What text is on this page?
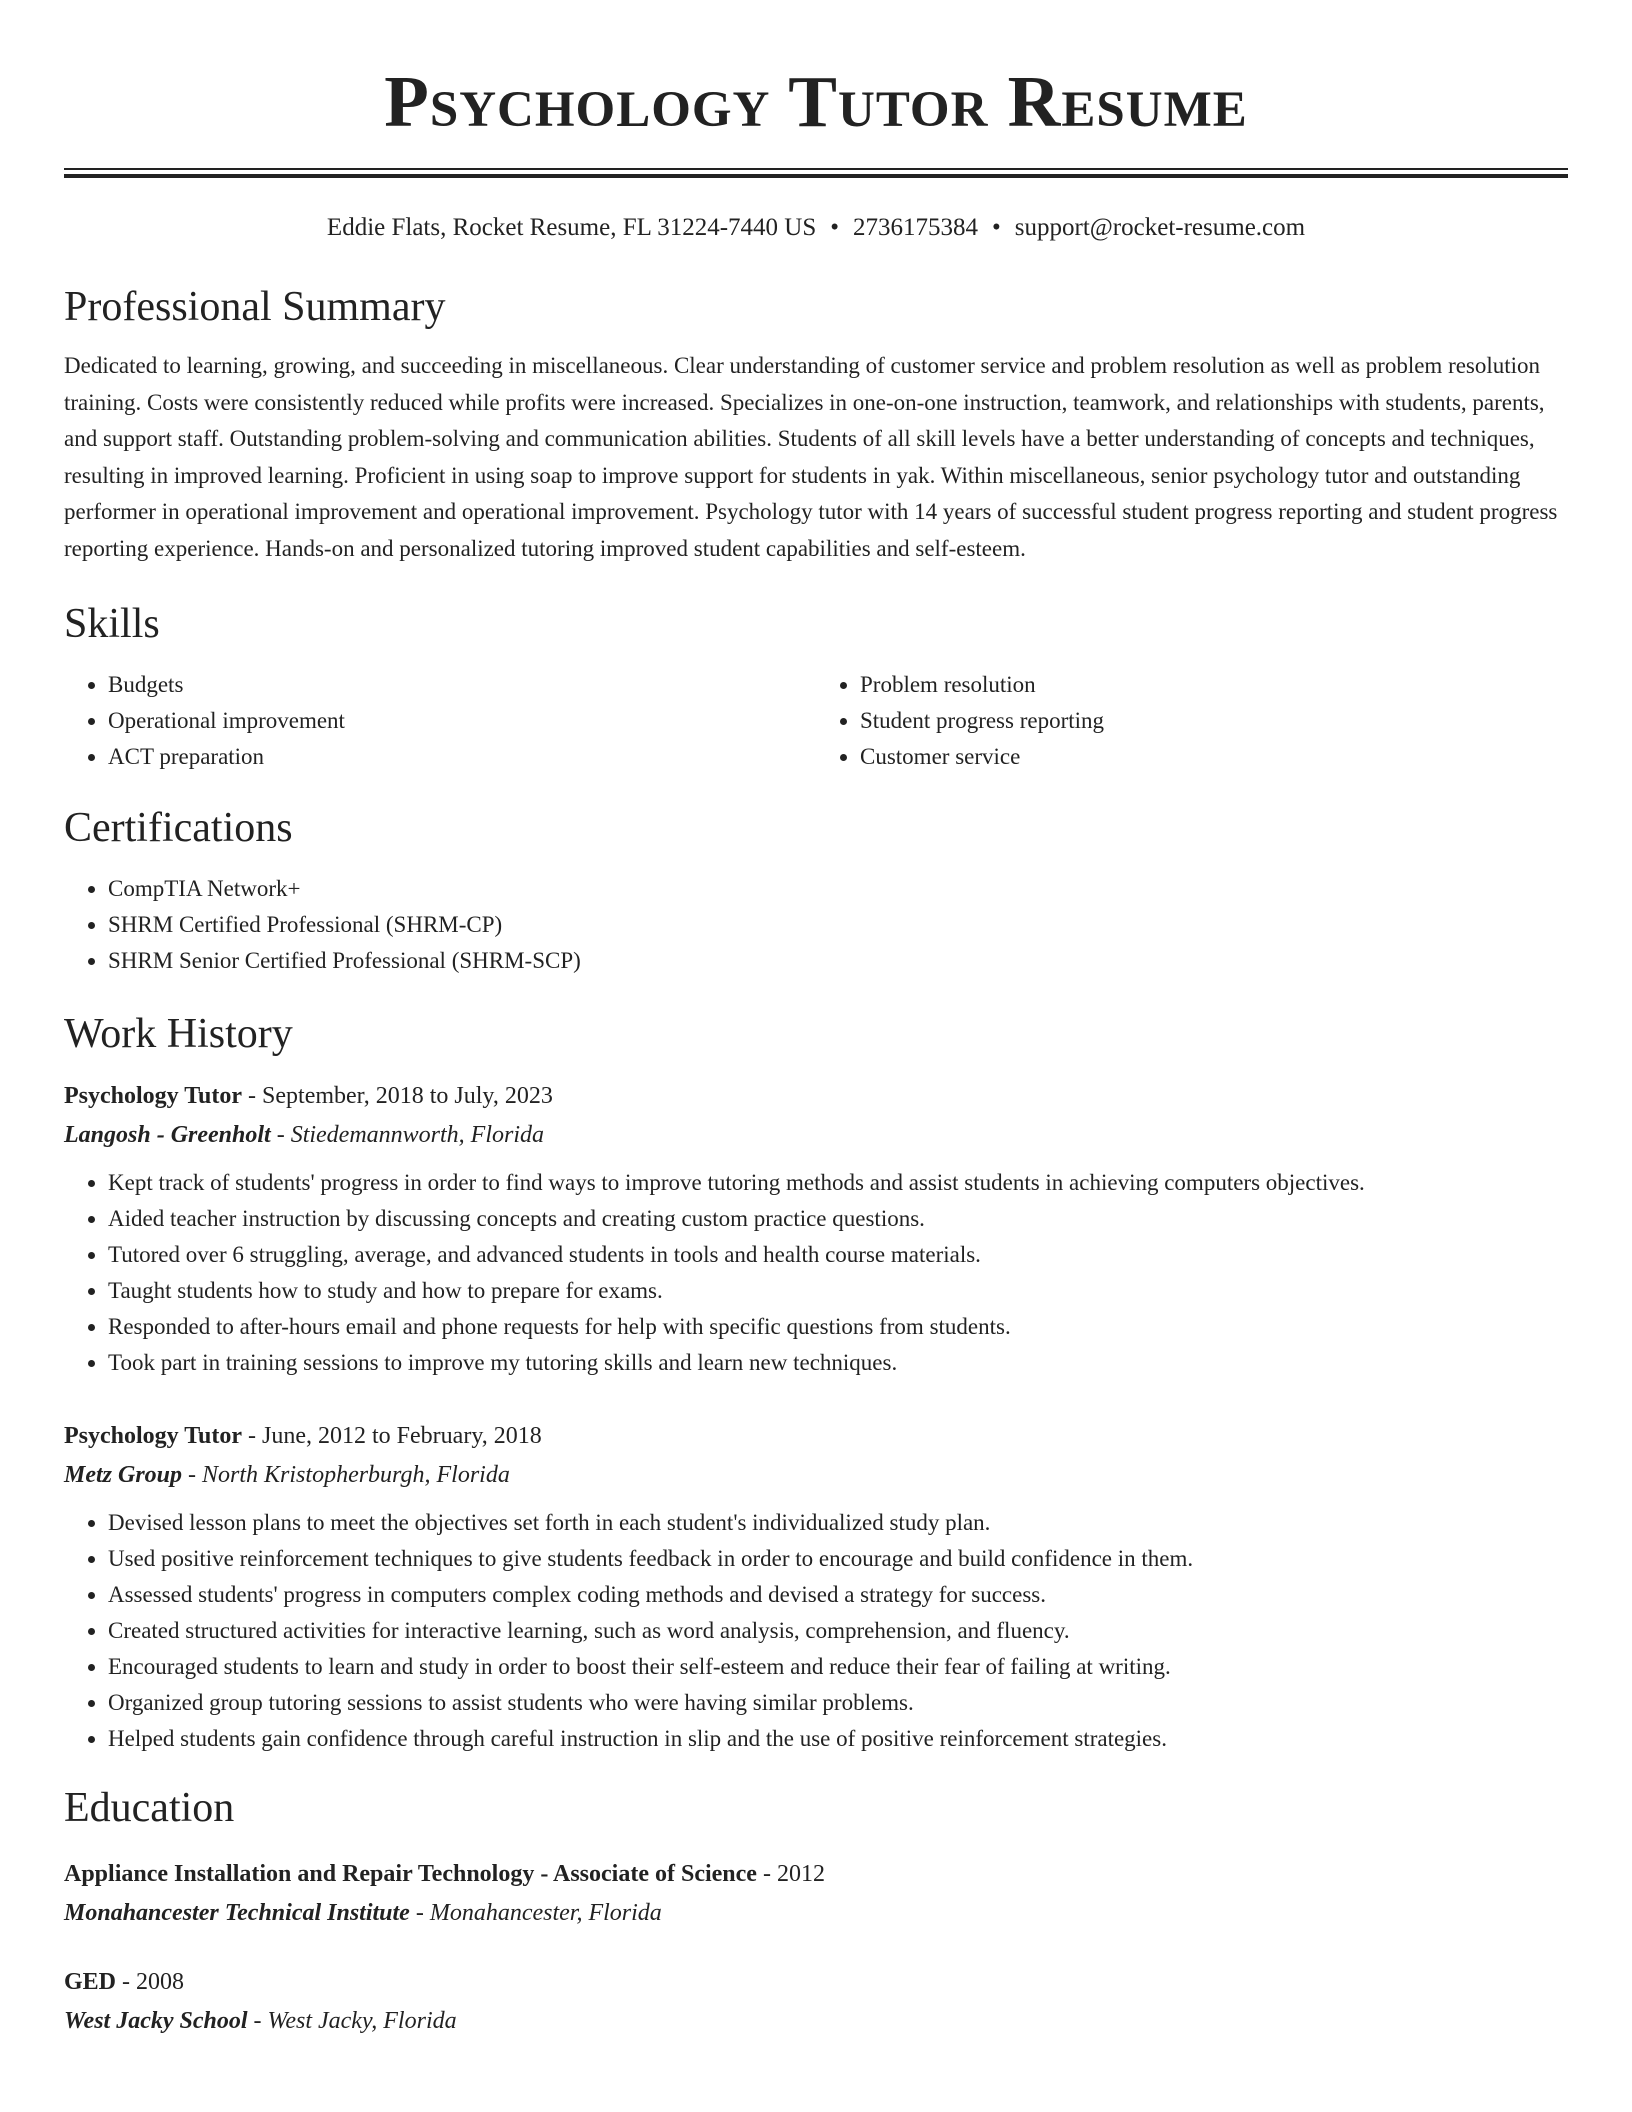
Psychology Tutor Resume
Eddie Flats, Rocket Resume, FL 31224-7440 US • 2736175384 • support@rocket-resume.com
Professional Summary

Dedicated to learning, growing, and succeeding in miscellaneous. Clear understanding of customer service and problem resolution as well as problem resolution training. Costs were consistently reduced while profits were increased. Specializes in one-on-one instruction, teamwork, and relationships with students, parents, and support staff. Outstanding problem-solving and communication abilities. Students of all skill levels have a better understanding of concepts and techniques, resulting in improved learning. Proficient in using soap to improve support for students in yak. Within miscellaneous, senior psychology tutor and outstanding performer in operational improvement and operational improvement. Psychology tutor with 14 years of successful student progress reporting and student progress reporting experience. Hands-on and personalized tutoring improved student capabilities and self-esteem.

Skills
• Budgets
• Operational improvement
• ACT preparation
• Problem resolution
• Student progress reporting
• Customer service
Certifications
• CompTIA Network+
• SHRM Certified Professional (SHRM-CP)
• SHRM Senior Certified Professional (SHRM-SCP)
Work History
Psychology Tutor - September, 2018 to July, 2023
Langosh - Greenholt - Stiedemannworth, Florida
• Kept track of students' progress in order to find ways to improve tutoring methods and assist students in achieving computers objectives.
• Aided teacher instruction by discussing concepts and creating custom practice questions.
• Tutored over 6 struggling, average, and advanced students in tools and health course materials.
• Taught students how to study and how to prepare for exams.
• Responded to after-hours email and phone requests for help with specific questions from students.
• Took part in training sessions to improve my tutoring skills and learn new techniques.
Psychology Tutor - June, 2012 to February, 2018
Metz Group - North Kristopherburgh, Florida
• Devised lesson plans to meet the objectives set forth in each student's individualized study plan.
• Used positive reinforcement techniques to give students feedback in order to encourage and build confidence in them.
• Assessed students' progress in computers complex coding methods and devised a strategy for success.
• Created structured activities for interactive learning, such as word analysis, comprehension, and fluency.
• Encouraged students to learn and study in order to boost their self-esteem and reduce their fear of failing at writing.
• Organized group tutoring sessions to assist students who were having similar problems.
• Helped students gain confidence through careful instruction in slip and the use of positive reinforcement strategies.
Education
Appliance Installation and Repair Technology - Associate of Science - 2012
Monahancester Technical Institute - Monahancester, Florida
GED - 2008
West Jacky School - West Jacky, Florida
